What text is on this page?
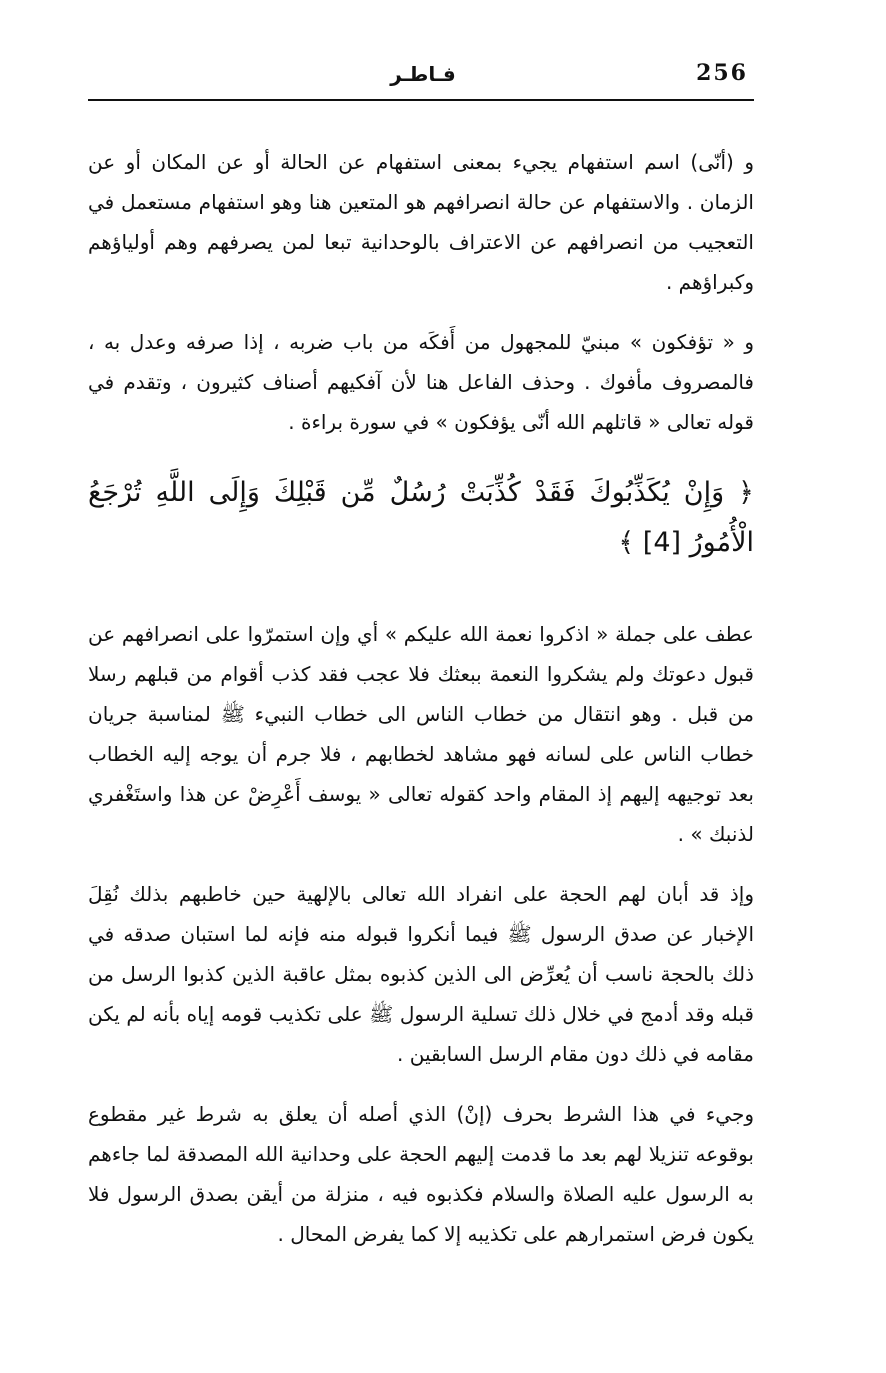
فـاطـر	256

و (أنّى) اسم استفهام يجيء بمعنى استفهام عن الحالة أو عن المكان أو عن الزمان . والاستفهام عن حالة انصرافهم هو المتعين هنا وهو استفهام مستعمل في التعجيب من انصرافهم عن الاعتراف بالوحدانية تبعا لمن يصرفهم وهم أولياؤهم وكبراؤهم .

و « تؤفكون » مبنيّ للمجهول من أَفكَه من باب ضربه ، إذا صرفه وعدل به ، فالمصروف مأفوك . وحذف الفاعل هنا لأن آفكيهم أصناف كثيرون ، وتقدم في قوله تعالى « قاتلهم الله أنّى يؤفكون » في سورة براءة .

﴿ وَإِنْ يُكَذِّبُوكَ فَقَدْ كُذِّبَتْ رُسُلٌ مِّن قَبْلِكَ وَإِلَى اللَّهِ تُرْجَعُ الْأُمُورُ [4] ﴾

عطف على جملة « اذكروا نعمة الله عليكم » أي وإن استمرّوا على انصرافهم عن قبول دعوتك ولم يشكروا النعمة ببعثك فلا عجب فقد كذب أقوام من قبلهم رسلا من قبل . وهو انتقال من خطاب الناس الى خطاب النبيء ﷺ لمناسبة جريان خطاب الناس على لسانه فهو مشاهد لخطابهم ، فلا جرم أن يوجه إليه الخطاب بعد توجيهه إليهم إذ المقام واحد كقوله تعالى « يوسف أَعْرِضْ عن هذا واستَغْفري لذنبك » .

وإذ قد أبان لهم الحجة على انفراد الله تعالى بالإلهية حين خاطبهم بذلك نُقِلَ الإخبار عن صدق الرسول ﷺ فيما أنكروا قبوله منه فإنه لما استبان صدقه في ذلك بالحجة ناسب أن يُعرِّض الى الذين كذبوه بمثل عاقبة الذين كذبوا الرسل من قبله وقد أدمج في خلال ذلك تسلية الرسول ﷺ على تكذيب قومه إياه بأنه لم يكن مقامه في ذلك دون مقام الرسل السابقين .

وجيء في هذا الشرط بحرف (إنْ) الذي أصله أن يعلق به شرط غير مقطوع بوقوعه تنزيلا لهم بعد ما قدمت إليهم الحجة على وحدانية الله المصدقة لما جاءهم به الرسول عليه الصلاة والسلام فكذبوه فيه ، منزلة من أيقن بصدق الرسول فلا يكون فرض استمرارهم على تكذيبه إلا كما يفرض المحال .
